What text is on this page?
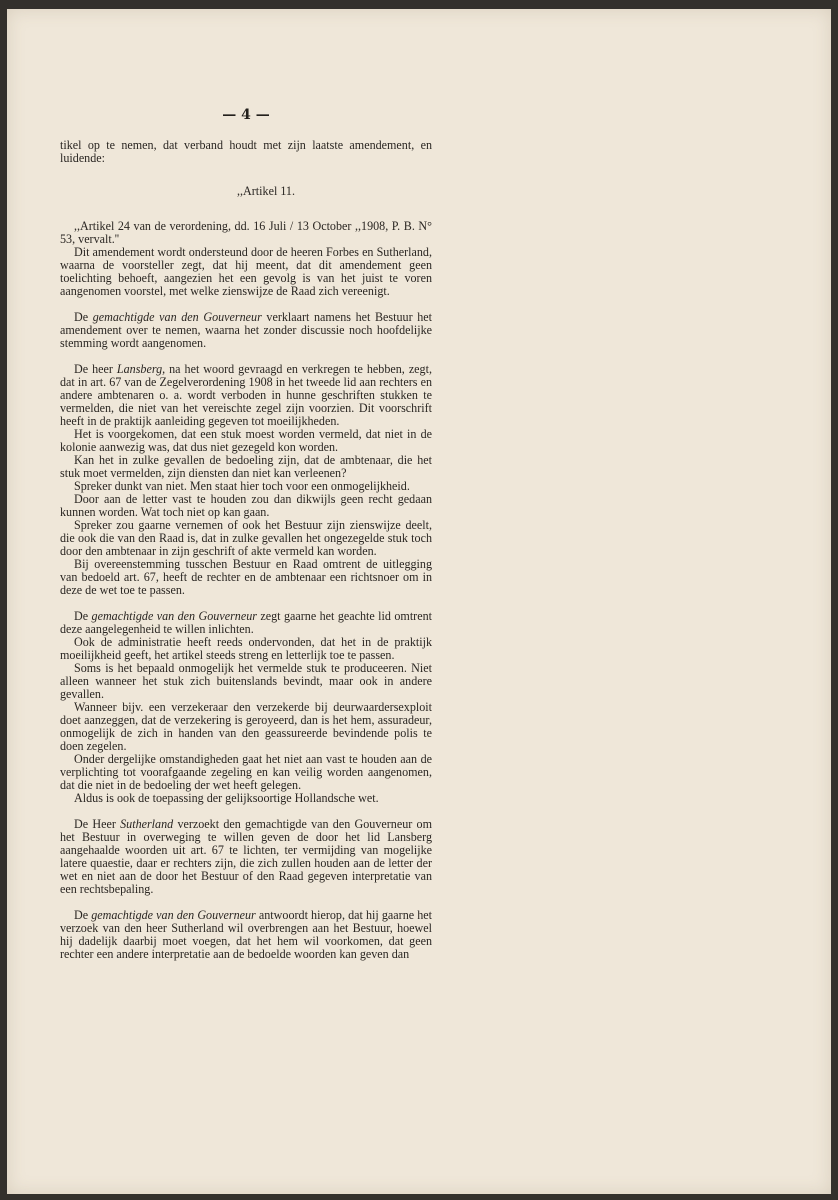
— 4 —

tikel op te nemen, dat verband houdt met zijn laatste amendement, en luidende:

,,Artikel 11.

,,Artikel 24 van de verordening, dd. 16 Juli / 13 October ,,1908, P. B. N° 53, vervalt.''

Dit amendement wordt ondersteund door de heeren Forbes en Sutherland, waarna de voorsteller zegt, dat hij meent, dat dit amendement geen toelichting behoeft, aangezien het een gevolg is van het juist te voren aangenomen voorstel, met welke zienswijze de Raad zich vereenigt.

De gemachtigde van den Gouverneur verklaart namens het Bestuur het amendement over te nemen, waarna het zonder discussie noch hoofdelijke stemming wordt aangenomen.

De heer Lansberg, na het woord gevraagd en verkregen te hebben, zegt, dat in art. 67 van de Zegelverordening 1908 in het tweede lid aan rechters en andere ambtenaren o. a. wordt verboden in hunne geschriften stukken te vermelden, die niet van het vereischte zegel zijn voorzien. Dit voorschrift heeft in de praktijk aanleiding gegeven tot moeilijkheden.

Het is voorgekomen, dat een stuk moest worden vermeld, dat niet in de kolonie aanwezig was, dat dus niet gezegeld kon worden.

Kan het in zulke gevallen de bedoeling zijn, dat de ambtenaar, die het stuk moet vermelden, zijn diensten dan niet kan verleenen?

Spreker dunkt van niet. Men staat hier toch voor een onmogelijkheid.

Door aan de letter vast te houden zou dan dikwijls geen recht gedaan kunnen worden. Wat toch niet op kan gaan.

Spreker zou gaarne vernemen of ook het Bestuur zijn zienswijze deelt, die ook die van den Raad is, dat in zulke gevallen het ongezegelde stuk toch door den ambtenaar in zijn geschrift of akte vermeld kan worden.

Bij overeenstemming tusschen Bestuur en Raad omtrent de uitlegging van bedoeld art. 67, heeft de rechter en de ambtenaar een richtsnoer om in deze de wet toe te passen.

De gemachtigde van den Gouverneur zegt gaarne het geachte lid omtrent deze aangelegenheid te willen inlichten.

Ook de administratie heeft reeds ondervonden, dat het in de praktijk moeilijkheid geeft, het artikel steeds streng en letterlijk toe te passen.

Soms is het bepaald onmogelijk het vermelde stuk te produceeren. Niet alleen wanneer het stuk zich buitenslands bevindt, maar ook in andere gevallen.

Wanneer bijv. een verzekeraar den verzekerde bij deurwaardersexploit doet aanzeggen, dat de verzekering is geroyeerd, dan is het hem, assuradeur, onmogelijk de zich in handen van den geassureerde bevindende polis te doen zegelen.

Onder dergelijke omstandigheden gaat het niet aan vast te houden aan de verplichting tot voorafgaande zegeling en kan veilig worden aangenomen, dat die niet in de bedoeling der wet heeft gelegen.

Aldus is ook de toepassing der gelijksoortige Hollandsche wet.

De Heer Sutherland verzoekt den gemachtigde van den Gouverneur om het Bestuur in overweging te willen geven de door het lid Lansberg aangehaalde woorden uit art. 67 te lichten, ter vermijding van mogelijke latere quaestie, daar er rechters zijn, die zich zullen houden aan de letter der wet en niet aan de door het Bestuur of den Raad gegeven interpretatie van een rechtsbepaling.

De gemachtigde van den Gouverneur antwoordt hierop, dat hij gaarne het verzoek van den heer Sutherland wil overbrengen aan het Bestuur, hoewel hij dadelijk daarbij moet voegen, dat het hem wil voorkomen, dat geen rechter een andere interpretatie aan de bedoelde woorden kan geven dan
